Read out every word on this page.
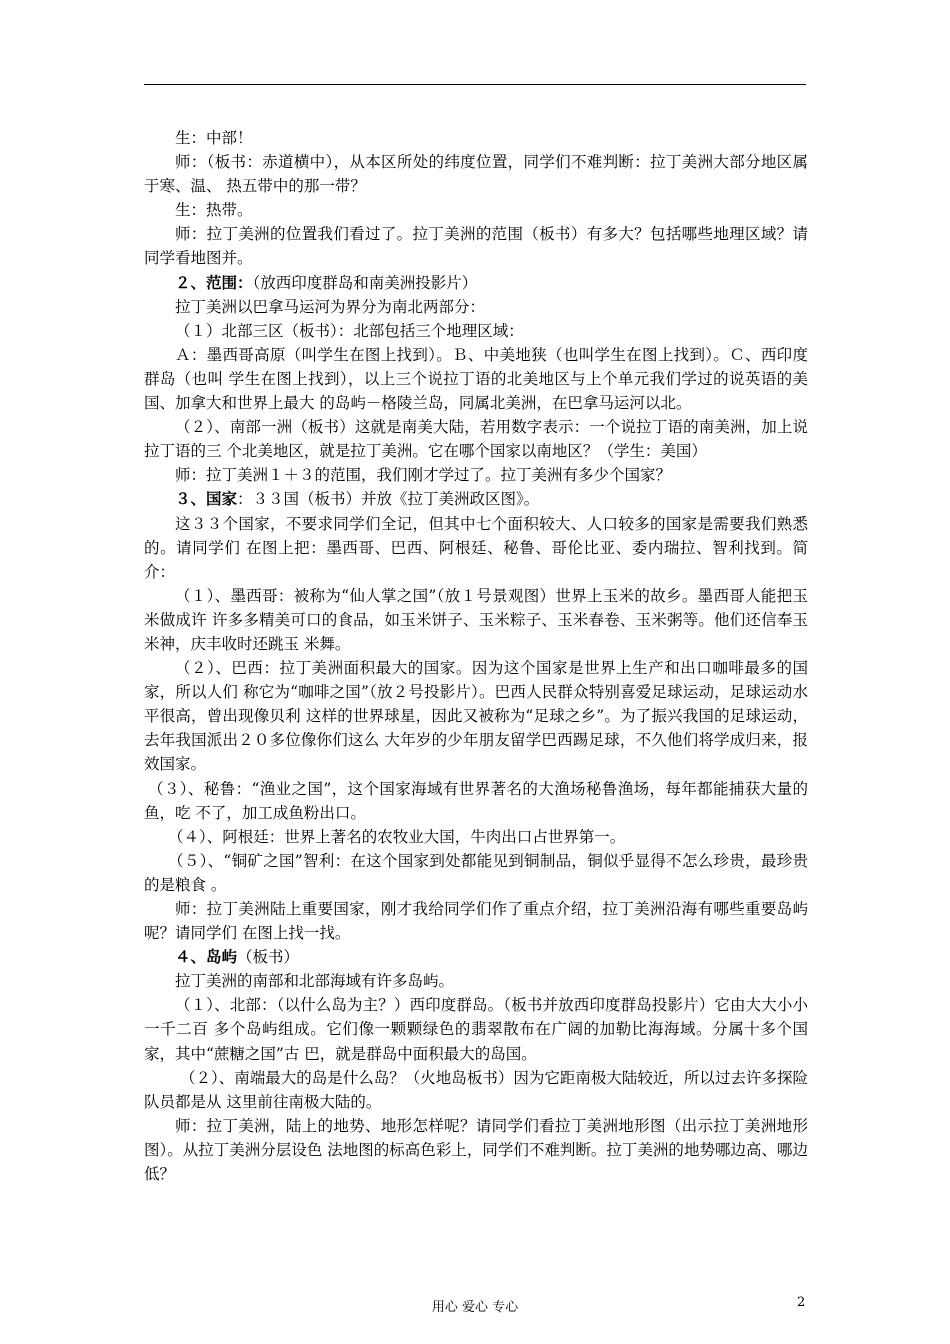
生：中部！

师：（板书：赤道横中），从本区所处的纬度位置，同学们不难判断：拉丁美洲大部分地区属于寒、温、 热五带中的那一带？

生：热带。

师：拉丁美洲的位置我们看过了。拉丁美洲的范围（板书）有多大？包括哪些地理区域？请同学看地图并。

２、范围：（放西印度群岛和南美洲投影片）

拉丁美洲以巴拿马运河为界分为南北两部分：

（１）北部三区（板书）：北部包括三个地理区域：

Ａ：墨西哥高原（叫学生在图上找到）。Ｂ、中美地狭（也叫学生在图上找到）。Ｃ、西印度群岛（也叫 学生在图上找到），以上三个说拉丁语的北美地区与上个单元我们学过的说英语的美国、加拿大和世界上最大 的岛屿－格陵兰岛，同属北美洲，在巴拿马运河以北。

（２）、南部一洲（板书）这就是南美大陆，若用数字表示：一个说拉丁语的南美洲，加上说拉丁语的三 个北美地区，就是拉丁美洲。它在哪个国家以南地区？（学生：美国）

师：拉丁美洲１＋３的范围，我们刚才学过了。拉丁美洲有多少个国家？

３、国家：３３国（板书）并放《拉丁美洲政区图》。

这３３个国家，不要求同学们全记，但其中七个面积较大、人口较多的国家是需要我们熟悉的。请同学们 在图上把：墨西哥、巴西、阿根廷、秘鲁、哥伦比亚、委内瑞拉、智利找到。简介：

（１）、墨西哥：被称为“仙人掌之国”（放１号景观图）世界上玉米的故乡。墨西哥人能把玉米做成许 许多多精美可口的食品，如玉米饼子、玉米粽子、玉米春卷、玉米粥等。他们还信奉玉米神，庆丰收时还跳玉 米舞。

（２）、巴西：拉丁美洲面积最大的国家。因为这个国家是世界上生产和出口咖啡最多的国家，所以人们 称它为“咖啡之国”（放２号投影片）。巴西人民群众特别喜爱足球运动，足球运动水平很高，曾出现像贝利 这样的世界球星，因此又被称为“足球之乡”。为了振兴我国的足球运动，去年我国派出２０多位像你们这么 大年岁的少年朋友留学巴西踢足球，不久他们将学成归来，报效国家。

（３）、秘鲁：“渔业之国”，这个国家海域有世界著名的大渔场秘鲁渔场，每年都能捕获大量的鱼，吃 不了，加工成鱼粉出口。

（４）、阿根廷：世界上著名的农牧业大国，牛肉出口占世界第一。

（５）、“铜矿之国”智利：在这个国家到处都能见到铜制品，铜似乎显得不怎么珍贵，最珍贵的是粮食 。

师：拉丁美洲陆上重要国家，刚才我给同学们作了重点介绍，拉丁美洲沿海有哪些重要岛屿呢？请同学们 在图上找一找。

４、岛屿（板书）

拉丁美洲的南部和北部海域有许多岛屿。

（１）、北部：（以什么岛为主？）西印度群岛。（板书并放西印度群岛投影片）它由大大小小一千二百 多个岛屿组成。它们像一颗颗绿色的翡翠散布在广阔的加勒比海海域。分属十多个国家，其中“蔗糖之国”古 巴，就是群岛中面积最大的岛国。

（２）、南端最大的岛是什么岛？（火地岛板书）因为它距南极大陆较近，所以过去许多探险队员都是从 这里前往南极大陆的。

师：拉丁美洲，陆上的地势、地形怎样呢？请同学们看拉丁美洲地形图（出示拉丁美洲地形图）。从拉丁美洲分层设色 法地图的标高色彩上，同学们不难判断。拉丁美洲的地势哪边高、哪边低？

用心 爱心 专心	2
